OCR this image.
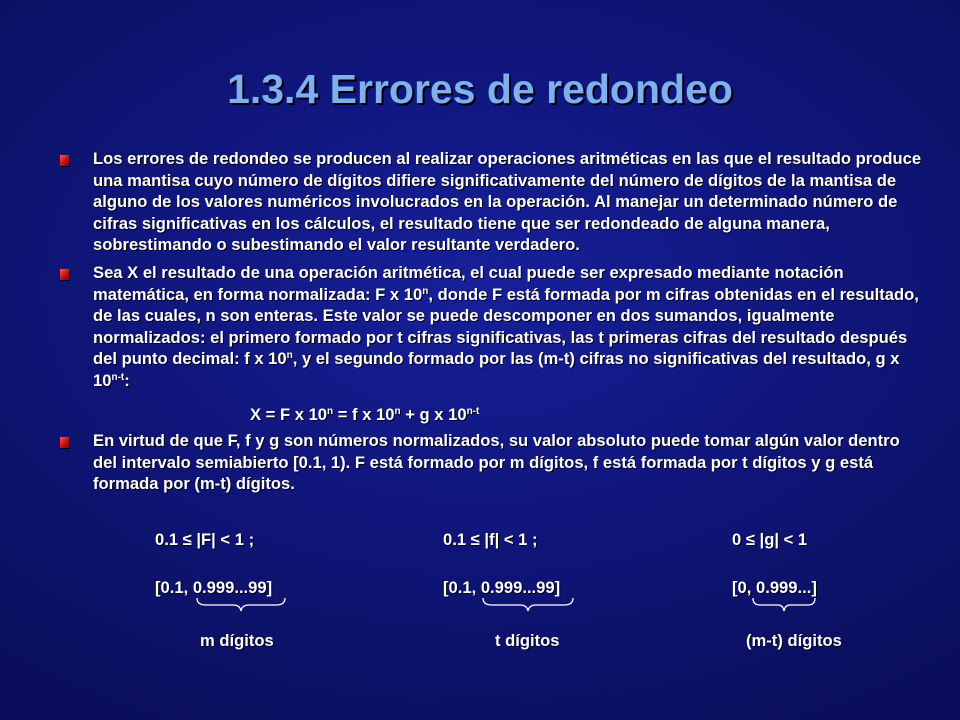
1.3.4 Errores de redondeo

Los errores de redondeo se producen al realizar operaciones aritméticas en las que el resultado produce una mantisa cuyo número de dígitos difiere significativamente del número de dígitos de la mantisa de alguno de los valores numéricos involucrados en la operación. Al manejar un determinado número de cifras significativas en los cálculos, el resultado tiene que ser redondeado de alguna manera, sobrestimando o subestimando el valor resultante verdadero.

Sea X el resultado de una operación aritmética, el cual puede ser expresado mediante notación matemática, en forma normalizada: F x 10$^n$, donde F está formada por m cifras obtenidas en el resultado, de las cuales, n son enteras. Este valor se puede descomponer en dos sumandos, igualmente normalizados: el primero formado por t cifras significativas, las t primeras cifras del resultado después del punto decimal: f x 10$^n$, y el segundo formado por las (m-t) cifras no significativas del resultado, g x 10$^{n-t}$:

X = F x $10^n = f$ x $10^n + g$ x 10$^{n-t}$

En virtud de que F, f y g son números normalizados, su valor absoluto puede tomar algún valor dentro del intervalo semiabierto [0.1, 1). F está formado por m dígitos, f está formada por t dígitos y g está formada por (m-t) dígitos.

0.1 ≤ |F| < 1 ;
[0.1, 0.999...99]
m dígitos
0.1 ≤ |f| < 1 ;
[0.1, 0.999...99]
t dígitos
0 ≤ |g| < 1
[0, 0.999...]
(m-t) dígitos
